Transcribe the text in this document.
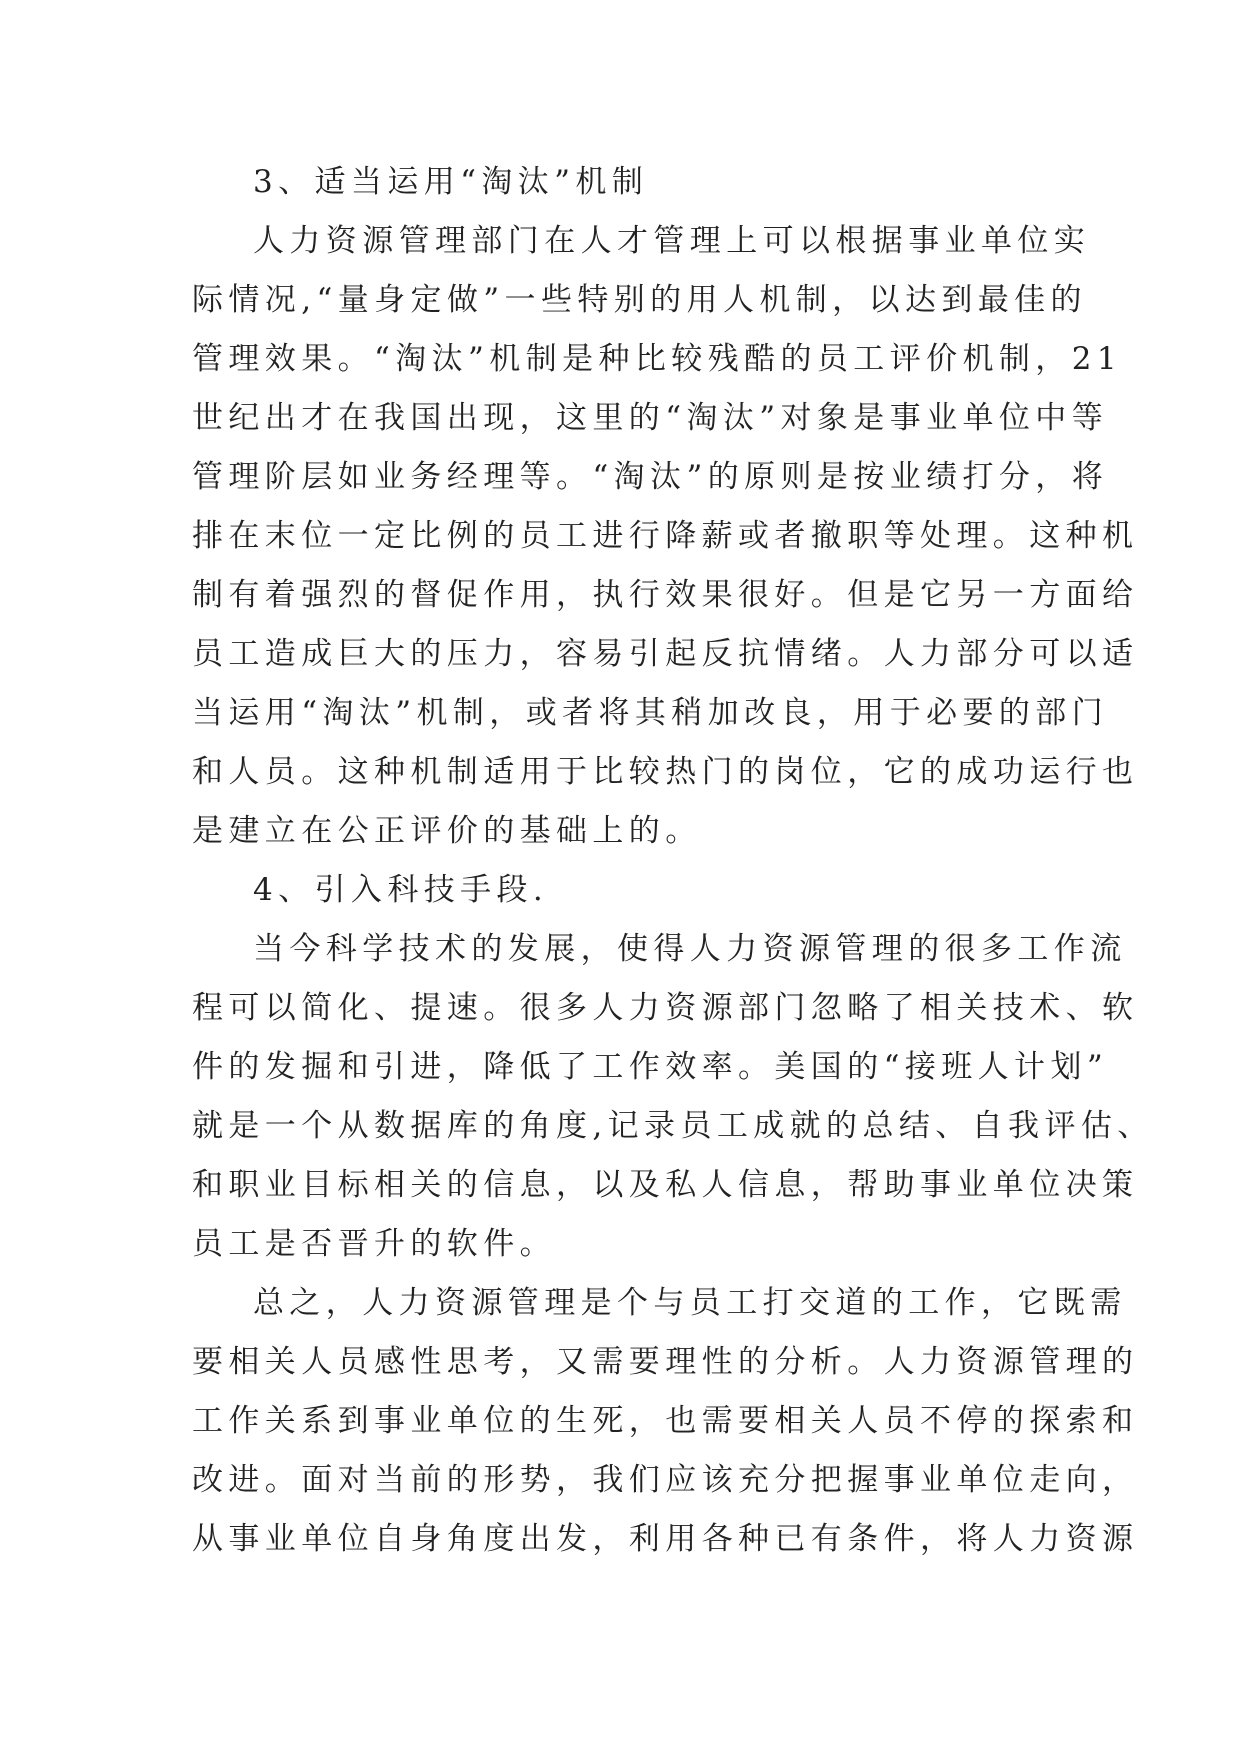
3、适当运用“淘汰”机制
人力资源管理部门在人才管理上可以根据事业单位实
际情况,“量身定做”一些特别的用人机制，以达到最佳的
管理效果。“淘汰”机制是种比较残酷的员工评价机制，21
世纪出才在我国出现，这里的“淘汰”对象是事业单位中等
管理阶层如业务经理等。“淘汰”的原则是按业绩打分，将
排在末位一定比例的员工进行降薪或者撤职等处理。这种机
制有着强烈的督促作用，执行效果很好。但是它另一方面给
员工造成巨大的压力，容易引起反抗情绪。人力部分可以适
当运用“淘汰”机制，或者将其稍加改良，用于必要的部门
和人员。这种机制适用于比较热门的岗位，它的成功运行也
是建立在公正评价的基础上的。
4、引入科技手段.
当今科学技术的发展，使得人力资源管理的很多工作流
程可以简化、提速。很多人力资源部门忽略了相关技术、软
件的发掘和引进，降低了工作效率。美国的“接班人计划”
就是一个从数据库的角度,记录员工成就的总结、自我评估、
和职业目标相关的信息，以及私人信息，帮助事业单位决策
员工是否晋升的软件。
总之，人力资源管理是个与员工打交道的工作，它既需
要相关人员感性思考，又需要理性的分析。人力资源管理的
工作关系到事业单位的生死，也需要相关人员不停的探索和
改进。面对当前的形势，我们应该充分把握事业单位走向，
从事业单位自身角度出发，利用各种已有条件，将人力资源
